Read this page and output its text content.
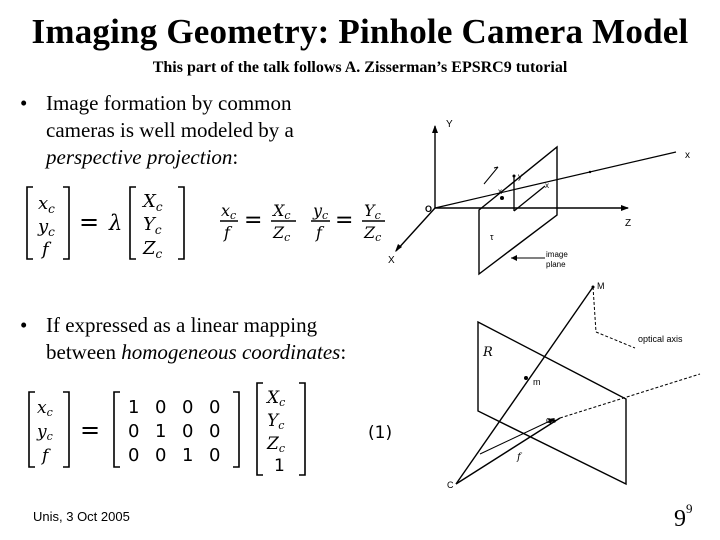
Imaging Geometry: Pinhole Camera Model
This part of the talk follows A. Zisserman’s EPSRC9 tutorial
• Image formation by common
cameras is well modeled by a
perspective projection:
• If expressed as a linear mapping
between homogeneous coordinates:
$x_c$
$y_c$
f
= λ
$X_c$
$Y_c$
$Z_c$
xc
f = Xc
Zc
yc
f = Yc
Zc
xc
yc
f
=
1 0 0 0
0 1 0 0
0 0 1 0
Xc
Yc
Zc
1
(1)
Y
x
Z
X
O
y
x
x
τ
image
plane
M
R
m
c
f
C
optical axis
Unis, 3 Oct 2005	$9^9$
